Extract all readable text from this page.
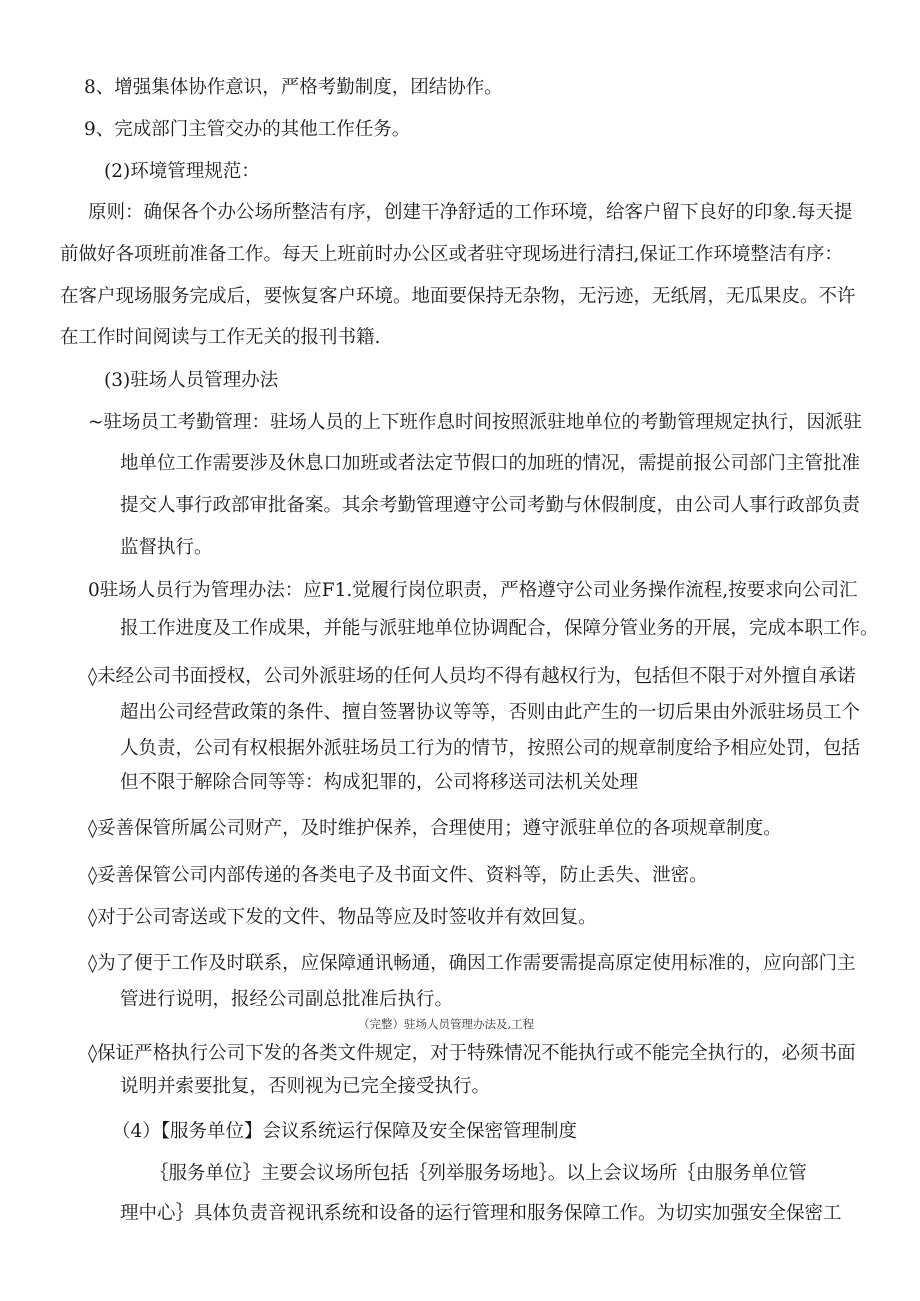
8、增强集体协作意识，严格考勤制度，团结协作。
9、完成部门主管交办的其他工作任务。
(2)环境管理规范：
原则：确保各个办公场所整洁有序，创建干净舒适的工作环境，给客户留下良好的印象.每天提
前做好各项班前准备工作。每天上班前时办公区或者驻守现场进行清扫,保证工作环境整洁有序：
在客户现场服务完成后，要恢复客户环境。地面要保持无杂物，无污迹，无纸屑，无瓜果皮。不许
在工作时间阅读与工作无关的报刊书籍.
(3)驻场人员管理办法
~驻场员工考勤管理：驻场人员的上下班作息时间按照派驻地单位的考勤管理规定执行，因派驻
地单位工作需要涉及休息口加班或者法定节假口的加班的情况，需提前报公司部门主管批准
提交人事行政部审批备案。其余考勤管理遵守公司考勤与休假制度，由公司人事行政部负责
监督执行。
0驻场人员行为管理办法：应F1.觉履行岗位职责，严格遵守公司业务操作流程,按要求向公司汇
报工作进度及工作成果，并能与派驻地单位协调配合，保障分管业务的开展，完成本职工作。
◊未经公司书面授权，公司外派驻场的任何人员均不得有越权行为，包括但不限于对外擅自承诺
超出公司经营政策的条件、擅自签署协议等等，否则由此产生的一切后果由外派驻场员工个
人负责，公司有权根据外派驻场员工行为的情节，按照公司的规章制度给予相应处罚，包括
但不限于解除合同等等：构成犯罪的，公司将移送司法机关处理
◊妥善保管所属公司财产，及时维护保养，合理使用；遵守派驻单位的各项规章制度。
◊妥善保管公司内部传递的各类电子及书面文件、资料等，防止丢失、泄密。
◊对于公司寄送或下发的文件、物品等应及时签收并有效回复。
◊为了便于工作及时联系，应保障通讯畅通，确因工作需要需提高原定使用标准的，应向部门主
管进行说明，报经公司副总批准后执行。
（完整）驻场人员管理办法及,工程
◊保证严格执行公司下发的各类文件规定，对于特殊情况不能执行或不能完全执行的，必须书面
说明并索要批复，否则视为已完全接受执行。
（4）【服务单位】会议系统运行保障及安全保密管理制度
｛服务单位｝主要会议场所包括｛列举服务场地｝。以上会议场所｛由服务单位管
理中心｝具体负责音视讯系统和设备的运行管理和服务保障工作。为切实加强安全保密工
